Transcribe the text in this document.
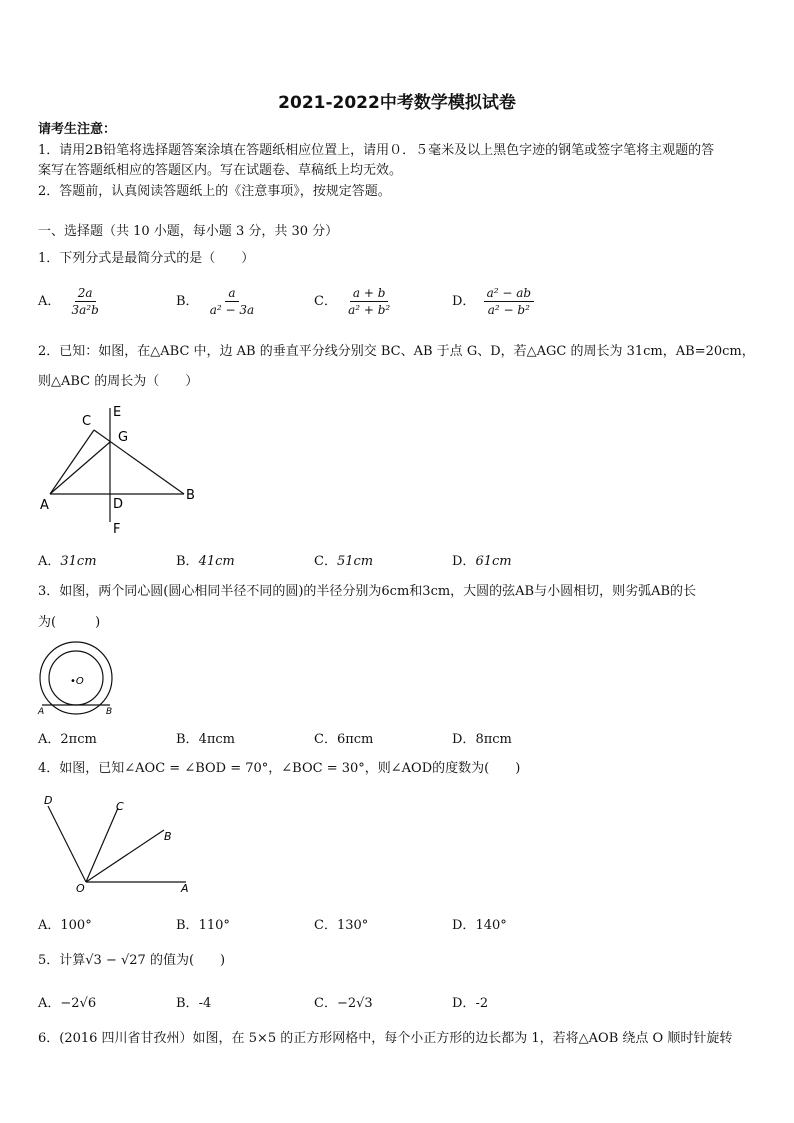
2021-2022中考数学模拟试卷
请考生注意：
1．请用2B铅笔将选择题答案涂填在答题纸相应位置上，请用０．５毫米及以上黑色字迹的钢笔或签字笔将主观题的答
案写在答题纸相应的答题区内。写在试题卷、草稿纸上均无效。
2．答题前，认真阅读答题纸上的《注意事项》，按规定答题。
一、选择题（共 10 小题，每小题 3 分，共 30 分）
1．下列分式是最简分式的是（　　）
A． $\frac{2a}{\text{3a²b}}$	B． $\frac{a}{\text{a² − 3a}}$	C． $\frac{a + b}{\text{a² + b²}}$	D． $\frac{\text{a² − ab}}{\text{a² − b²}}$
2．已知：如图，在△ABC 中，边 AB 的垂直平分线分别交 BC、AB 于点 G、D，若△AGC 的周长为 31cm，AB=20cm，
则△ABC 的周长为（　　）
C
E
G
A	D
B
F
A．31cm	B．41cm	C．51cm	D．61cm
3．如图，两个同心圆(圆心相同半径不同的圆)的半径分别为6cm和3cm，大圆的弦AB与小圆相切，则劣弧AB的长
为(　　　)
•O
A	B
A．2πcm	B．4πcm	C．6πcm	D．8πcm
4．如图，已知∠AOC = ∠BOD = 70°，∠BOC = 30°，则∠AOD的度数为(　　)
D	C
B
O	A
A．100°	B．110°	C．130°	D．140°
5．计算√3 − √27 的值为(　　)
A．−2√6	B．-4	C．−2√3	D．-2
6．(2016 四川省甘孜州）如图，在 5×5 的正方形网格中，每个小正方形的边长都为 1，若将△AOB 绕点 O 顺时针旋转
